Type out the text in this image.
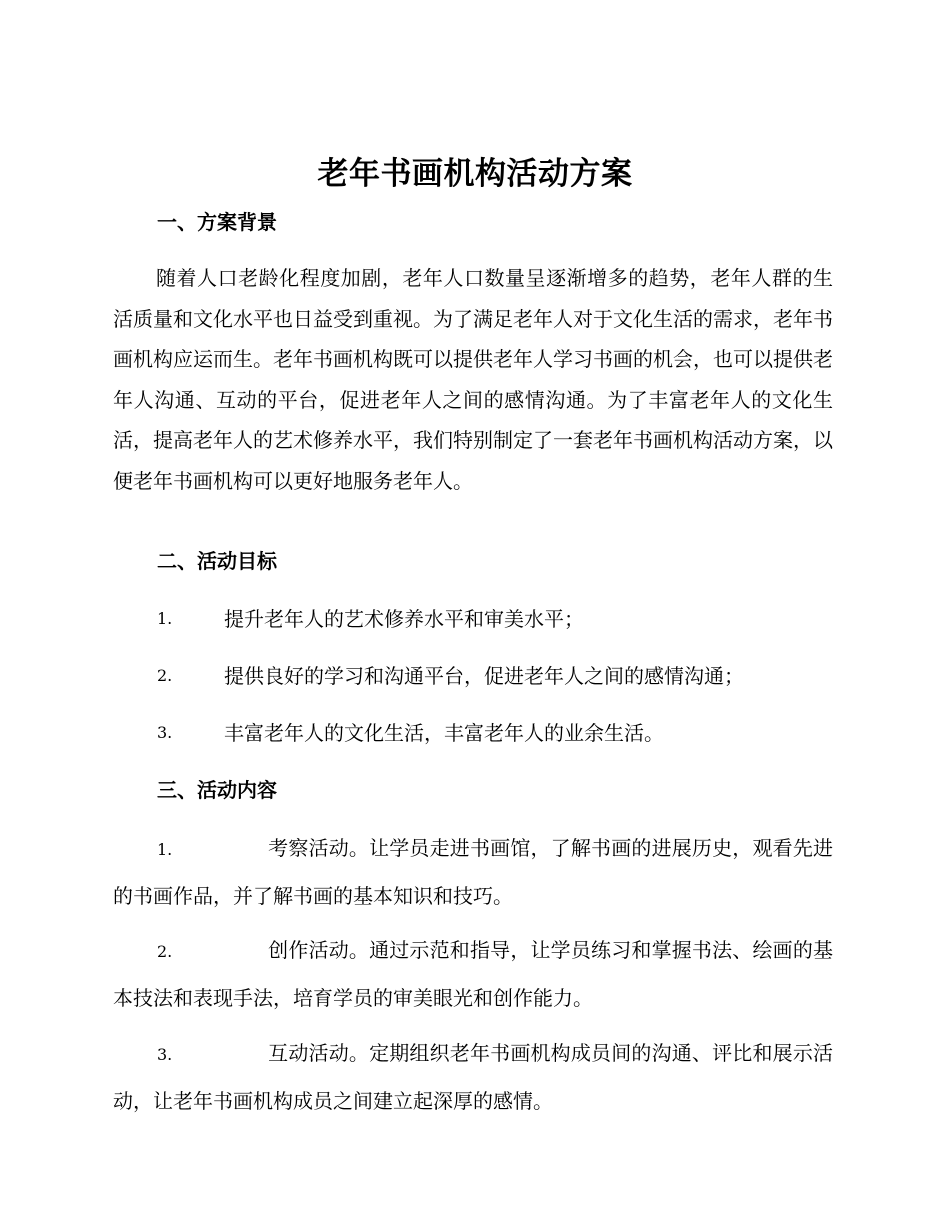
老年书画机构活动方案
一、方案背景
随着人口老龄化程度加剧，老年人口数量呈逐渐增多的趋势，老年人群的生活质量和文化水平也日益受到重视。为了满足老年人对于文化生活的需求，老年书画机构应运而生。老年书画机构既可以提供老年人学习书画的机会，也可以提供老年人沟通、互动的平台，促进老年人之间的感情沟通。为了丰富老年人的文化生活，提高老年人的艺术修养水平，我们特别制定了一套老年书画机构活动方案，以便老年书画机构可以更好地服务老年人。
二、活动目标
1.	提升老年人的艺术修养水平和审美水平；
2.	提供良好的学习和沟通平台，促进老年人之间的感情沟通；
3.	丰富老年人的文化生活，丰富老年人的业余生活。
三、活动内容
1.	考察活动。让学员走进书画馆，了解书画的进展历史，观看先进的书画作品，并了解书画的基本知识和技巧。
2.	创作活动。通过示范和指导，让学员练习和掌握书法、绘画的基本技法和表现手法，培育学员的审美眼光和创作能力。
3.	互动活动。定期组织老年书画机构成员间的沟通、评比和展示活动，让老年书画机构成员之间建立起深厚的感情。
